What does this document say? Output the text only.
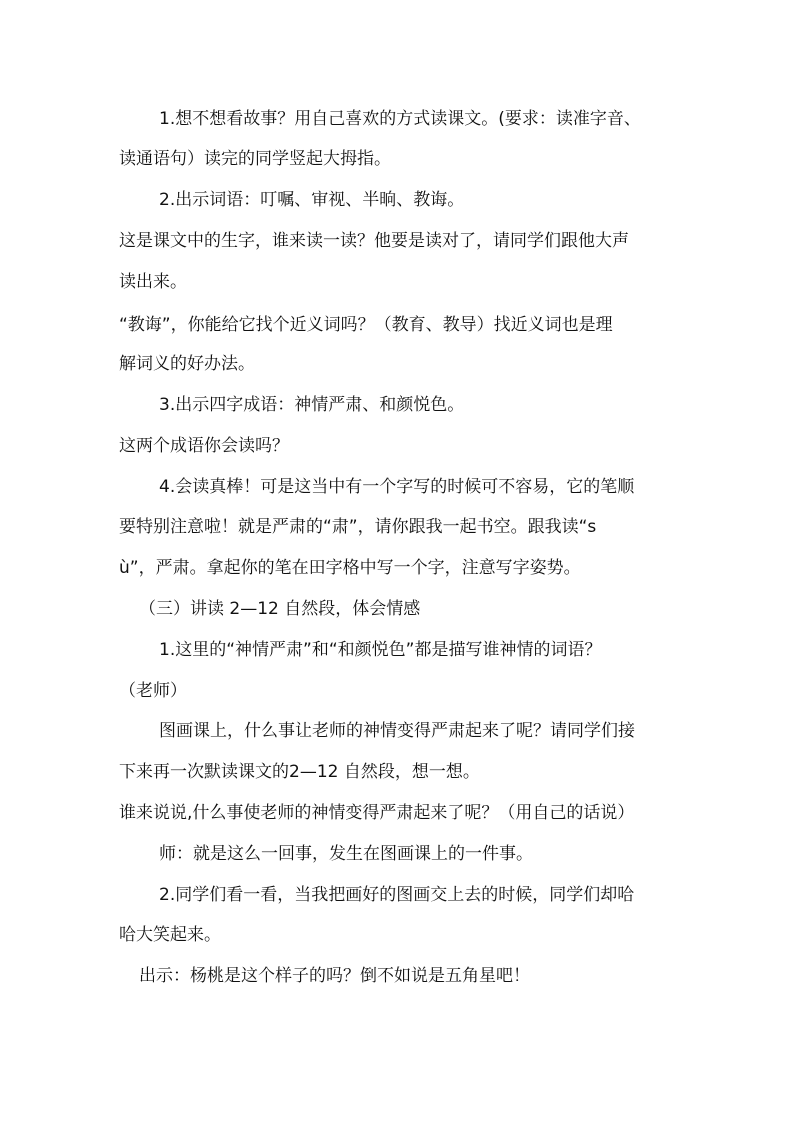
1.想不想看故事？用自己喜欢的方式读课文。(要求：读准字音、
读通语句）读完的同学竖起大拇指。
2.出示词语：叮嘱、审视、半晌、教诲。
这是课文中的生字，谁来读一读？他要是读对了，请同学们跟他大声
读出来。
“教诲”，你能给它找个近义词吗？（教育、教导）找近义词也是理
解词义的好办法。
3.出示四字成语：神情严肃、和颜悦色。
这两个成语你会读吗？
4.会读真棒！可是这当中有一个字写的时候可不容易，它的笔顺
要特别注意啦！就是严肃的“肃”，请你跟我一起书空。跟我读“s
ù”，严肃。拿起你的笔在田字格中写一个字，注意写字姿势。
（三）讲读 2—12 自然段，体会情感
1.这里的“神情严肃”和“和颜悦色”都是描写谁神情的词语？
（老师）
图画课上，什么事让老师的神情变得严肃起来了呢？请同学们接
下来再一次默读课文的2—12 自然段，想一想。
谁来说说,什么事使老师的神情变得严肃起来了呢？（用自己的话说）
师：就是这么一回事，发生在图画课上的一件事。
2.同学们看一看，当我把画好的图画交上去的时候，同学们却哈
哈大笑起来。
出示：杨桃是这个样子的吗？倒不如说是五角星吧！
